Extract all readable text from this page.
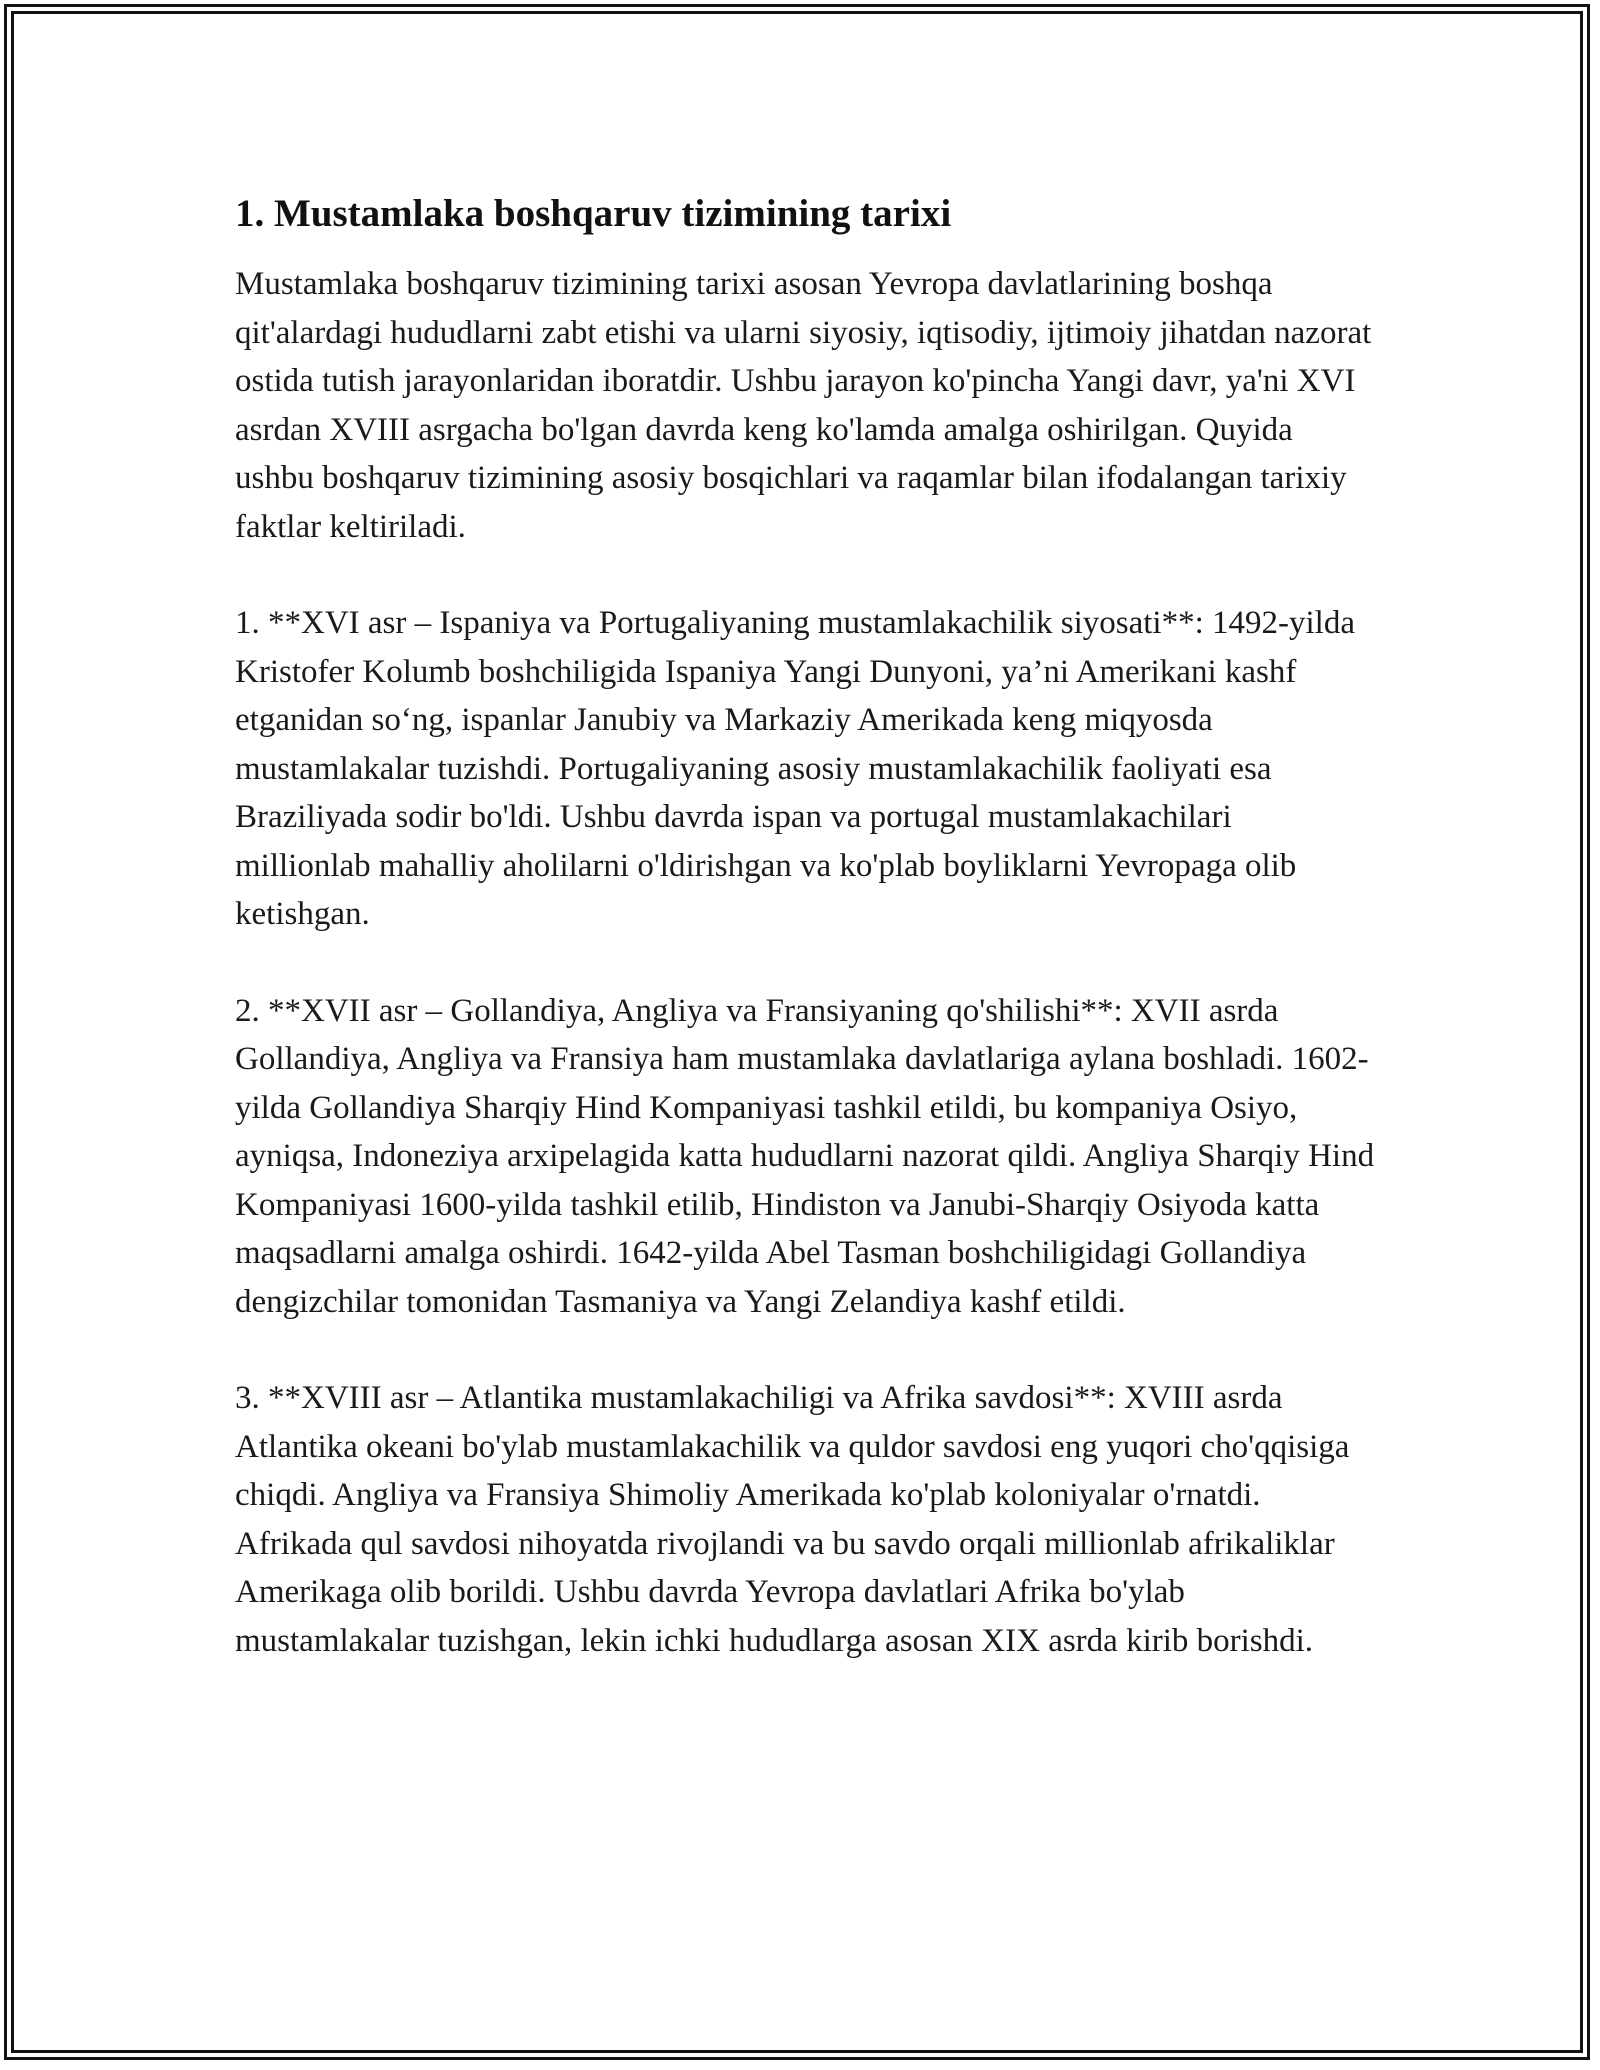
1. Mustamlaka boshqaruv tizimining tarixi

Mustamlaka boshqaruv tizimining tarixi asosan Yevropa davlatlarining boshqa qit'alardagi hududlarni zabt etishi va ularni siyosiy, iqtisodiy, ijtimoiy jihatdan nazorat ostida tutish jarayonlaridan iboratdir. Ushbu jarayon ko'pincha Yangi davr, ya'ni XVI asrdan XVIII asrgacha bo'lgan davrda keng ko'lamda amalga oshirilgan. Quyida ushbu boshqaruv tizimining asosiy bosqichlari va raqamlar bilan ifodalangan tarixiy faktlar keltiriladi.

1. **XVI asr – Ispaniya va Portugaliyaning mustamlakachilik siyosati**: 1492-yilda Kristofer Kolumb boshchiligida Ispaniya Yangi Dunyoni, ya’ni Amerikani kashf etganidan so‘ng, ispanlar Janubiy va Markaziy Amerikada keng miqyosda mustamlakalar tuzishdi. Portugaliyaning asosiy mustamlakachilik faoliyati esa Braziliyada sodir bo'ldi. Ushbu davrda ispan va portugal mustamlakachilari millionlab mahalliy aholilarni o'ldirishgan va ko'plab boyliklarni Yevropaga olib ketishgan.

2. **XVII asr – Gollandiya, Angliya va Fransiyaning qo'shilishi**: XVII asrda Gollandiya, Angliya va Fransiya ham mustamlaka davlatlariga aylana boshladi. 1602-yilda Gollandiya Sharqiy Hind Kompaniyasi tashkil etildi, bu kompaniya Osiyo, ayniqsa, Indoneziya arxipelagida katta hududlarni nazorat qildi. Angliya Sharqiy Hind Kompaniyasi 1600-yilda tashkil etilib, Hindiston va Janubi-Sharqiy Osiyoda katta maqsadlarni amalga oshirdi. 1642-yilda Abel Tasman boshchiligidagi Gollandiya dengizchilar tomonidan Tasmaniya va Yangi Zelandiya kashf etildi.

3. **XVIII asr – Atlantika mustamlakachiligi va Afrika savdosi**: XVIII asrda Atlantika okeani bo'ylab mustamlakachilik va quldor savdosi eng yuqori cho'qqisiga chiqdi. Angliya va Fransiya Shimoliy Amerikada ko'plab koloniyalar o'rnatdi. Afrikada qul savdosi nihoyatda rivojlandi va bu savdo orqali millionlab afrikaliklar Amerikaga olib borildi. Ushbu davrda Yevropa davlatlari Afrika bo'ylab mustamlakalar tuzishgan, lekin ichki hududlarga asosan XIX asrda kirib borishdi.
